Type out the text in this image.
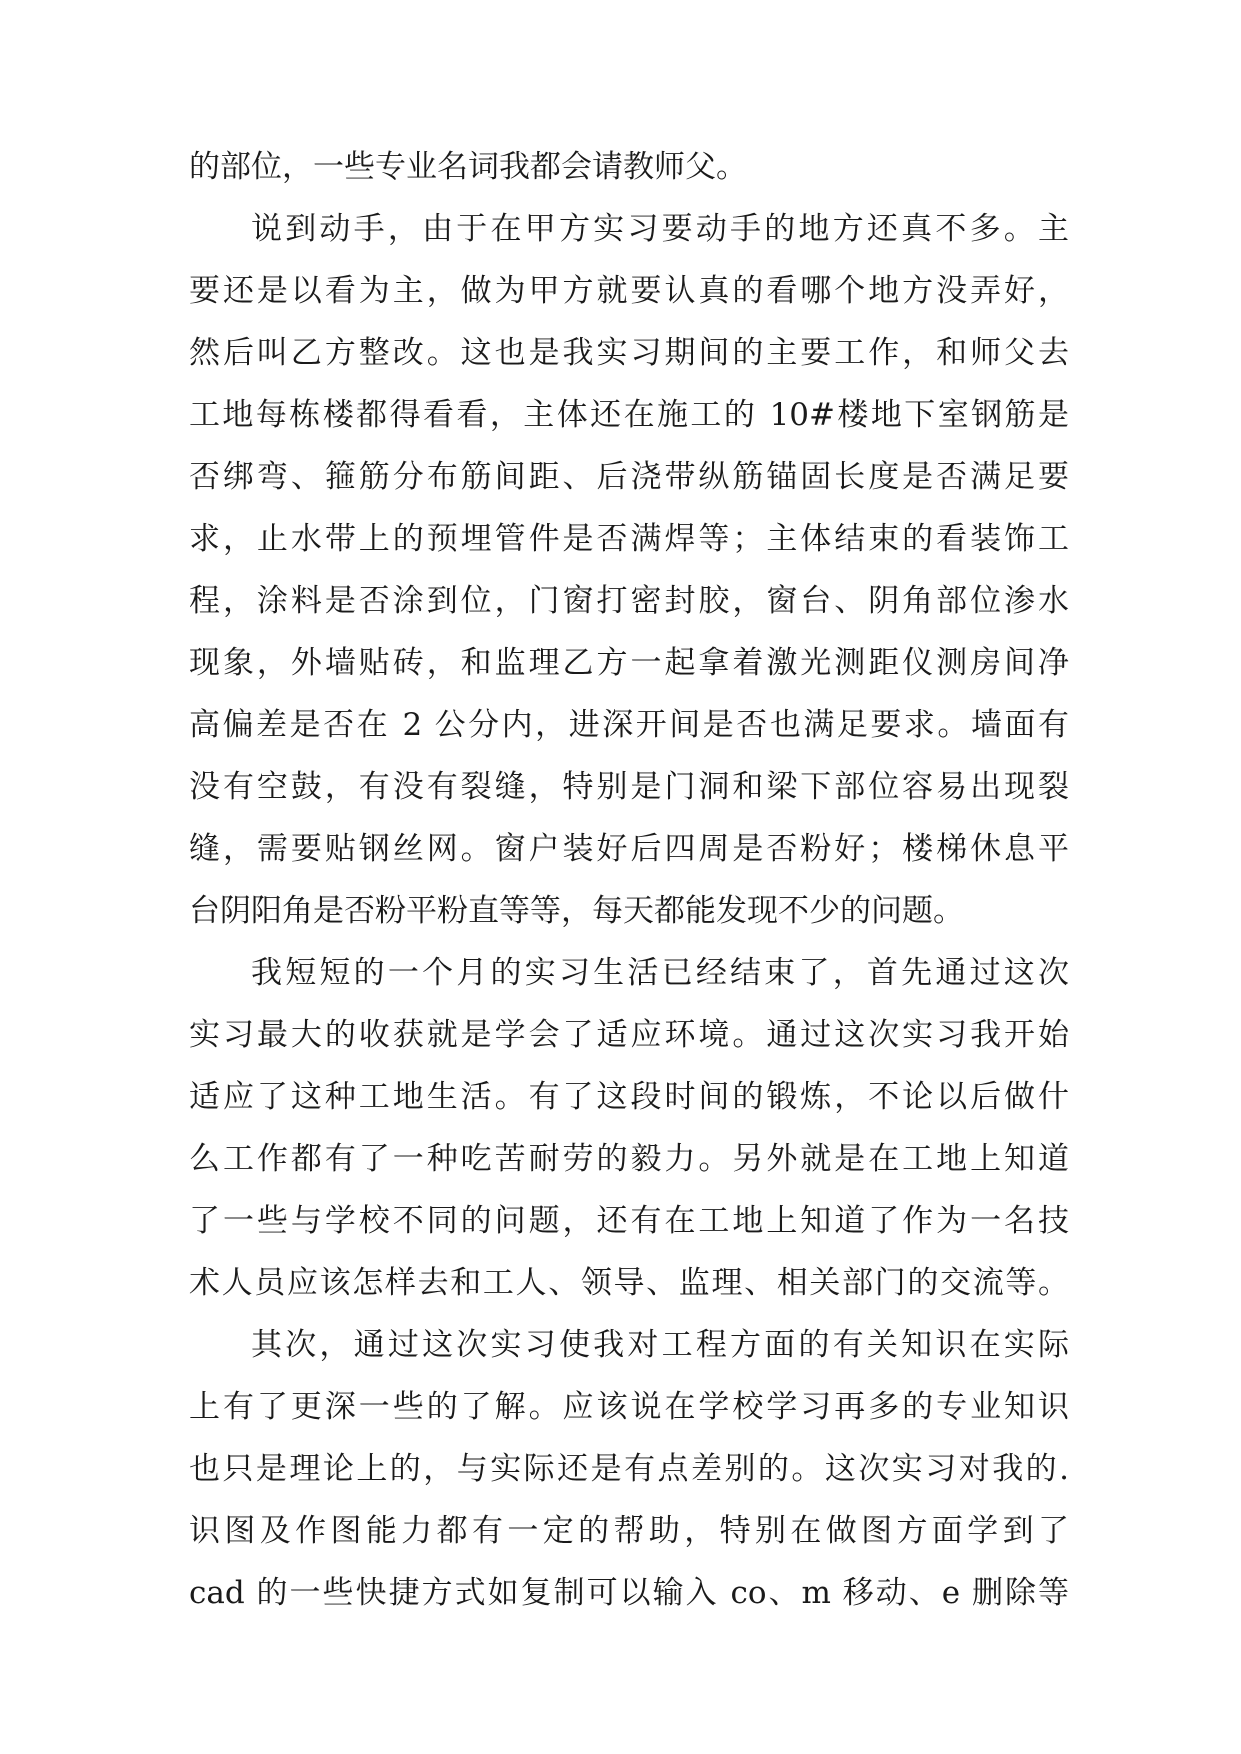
的部位，一些专业名词我都会请教师父。
说到动手，由于在甲方实习要动手的地方还真不多。主
要还是以看为主，做为甲方就要认真的看哪个地方没弄好，
然后叫乙方整改。这也是我实习期间的主要工作，和师父去
工地每栋楼都得看看，主体还在施工的 10#楼地下室钢筋是
否绑弯、箍筋分布筋间距、后浇带纵筋锚固长度是否满足要
求，止水带上的预埋管件是否满焊等；主体结束的看装饰工
程，涂料是否涂到位，门窗打密封胶，窗台、阴角部位渗水
现象，外墙贴砖，和监理乙方一起拿着激光测距仪测房间净
高偏差是否在 2 公分内，进深开间是否也满足要求。墙面有
没有空鼓，有没有裂缝，特别是门洞和梁下部位容易出现裂
缝，需要贴钢丝网。窗户装好后四周是否粉好；楼梯休息平
台阴阳角是否粉平粉直等等，每天都能发现不少的问题。
我短短的一个月的实习生活已经结束了，首先通过这次
实习最大的收获就是学会了适应环境。通过这次实习我开始
适应了这种工地生活。有了这段时间的锻炼，不论以后做什
么工作都有了一种吃苦耐劳的毅力。另外就是在工地上知道
了一些与学校不同的问题，还有在工地上知道了作为一名技
术人员应该怎样去和工人、领导、监理、相关部门的交流等。
其次，通过这次实习使我对工程方面的有关知识在实际
上有了更深一些的了解。应该说在学校学习再多的专业知识
也只是理论上的，与实际还是有点差别的。这次实习对我的.
识图及作图能力都有一定的帮助，特别在做图方面学到了
cad 的一些快捷方式如复制可以输入 co、m 移动、e 删除等
